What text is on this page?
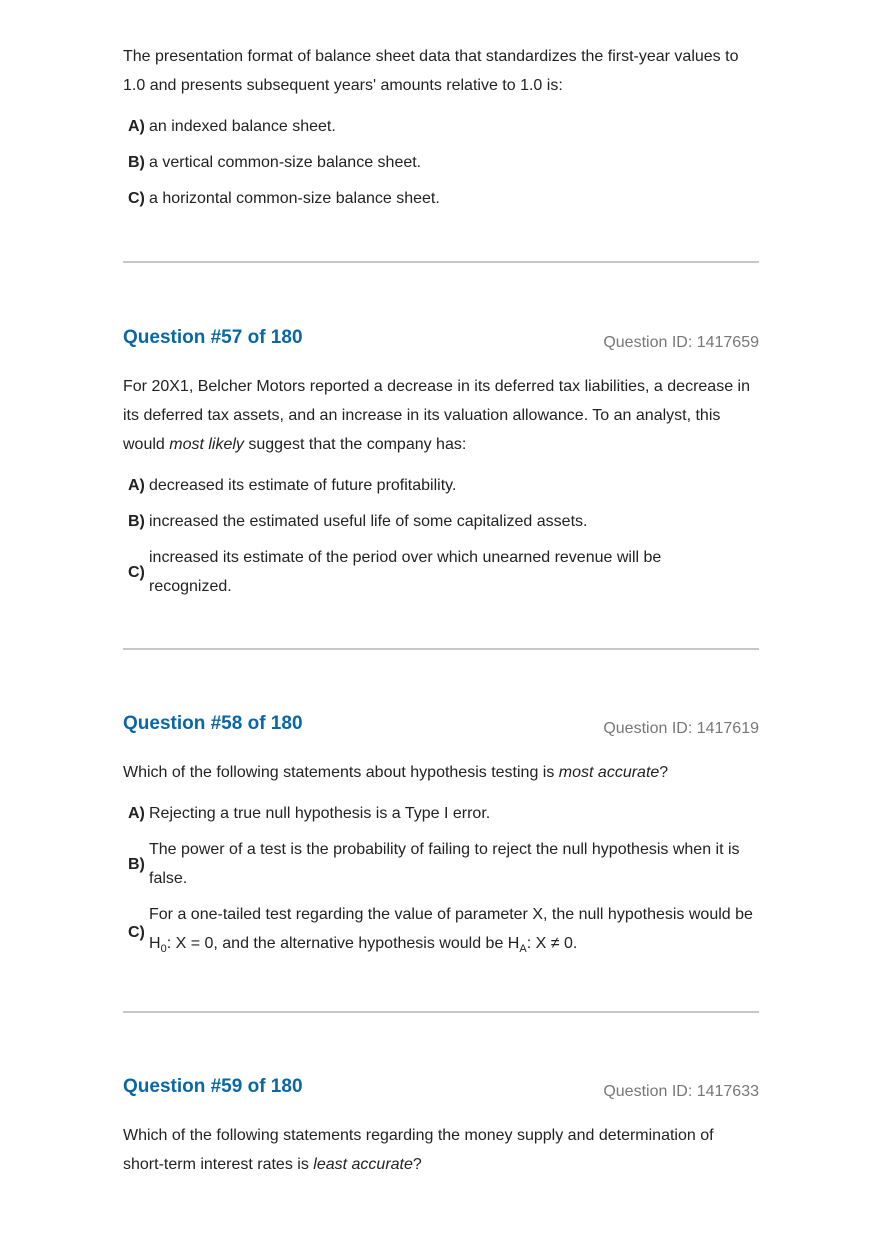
The presentation format of balance sheet data that standardizes the first-year values to 1.0 and presents subsequent years' amounts relative to 1.0 is:
A) an indexed balance sheet.
B) a vertical common-size balance sheet.
C) a horizontal common-size balance sheet.
Question #57 of 180	Question ID: 1417659
For 20X1, Belcher Motors reported a decrease in its deferred tax liabilities, a decrease in its deferred tax assets, and an increase in its valuation allowance. To an analyst, this would most likely suggest that the company has:
A) decreased its estimate of future profitability.
B) increased the estimated useful life of some capitalized assets.
C)
increased its estimate of the period over which unearned revenue will be recognized.
Question #58 of 180	Question ID: 1417619
Which of the following statements about hypothesis testing is most accurate?
A) Rejecting a true null hypothesis is a Type I error.
B)
The power of a test is the probability of failing to reject the null hypothesis when it is false.
C)
For a one-tailed test regarding the value of parameter X, the null hypothesis would be $H_0$: X = 0, and the alternative hypothesis would be $H_A$: X ≠ 0.
Question #59 of 180	Question ID: 1417633
Which of the following statements regarding the money supply and determination of short-term interest rates is least accurate?
